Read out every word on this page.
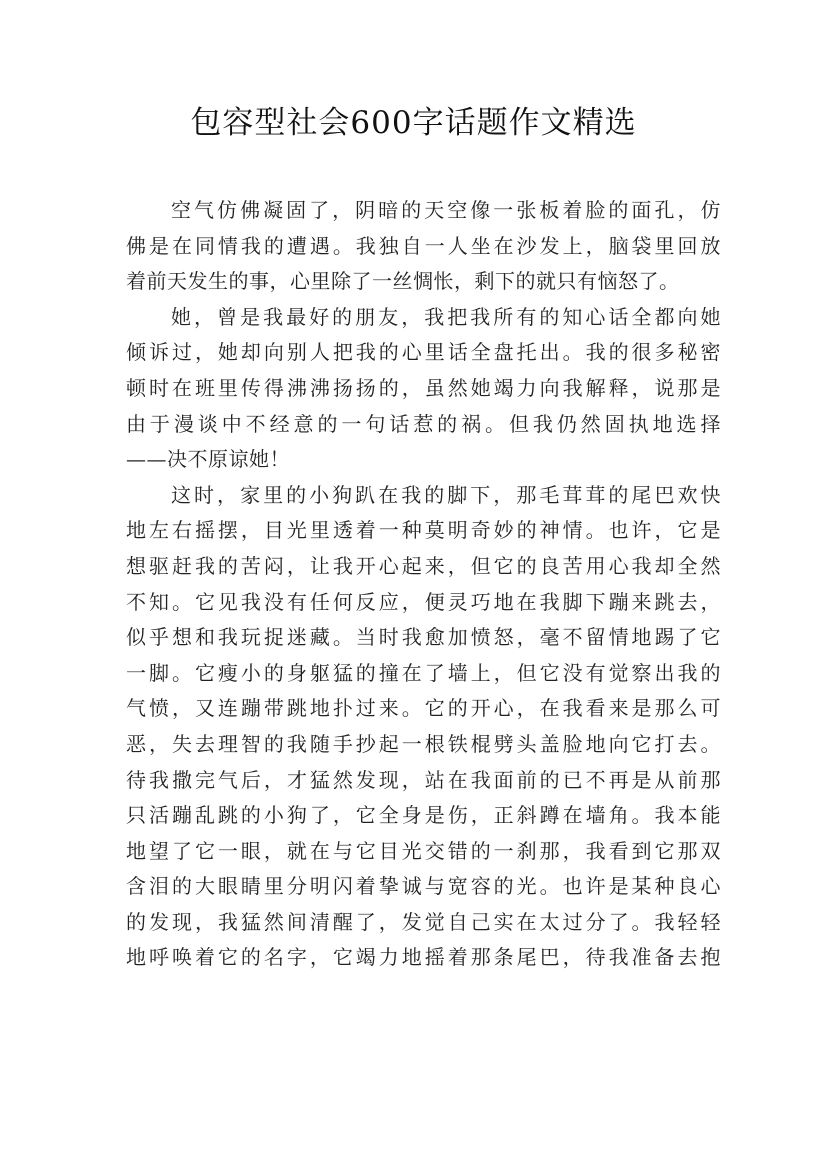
包容型社会600字话题作文精选
空气仿佛凝固了，阴暗的天空像一张板着脸的面孔，仿
佛是在同情我的遭遇。我独自一人坐在沙发上，脑袋里回放
着前天发生的事，心里除了一丝惆怅，剩下的就只有恼怒了。
她，曾是我最好的朋友，我把我所有的知心话全都向她
倾诉过，她却向别人把我的心里话全盘托出。我的很多秘密
顿时在班里传得沸沸扬扬的，虽然她竭力向我解释，说那是
由于漫谈中不经意的一句话惹的祸。但我仍然固执地选择
——决不原谅她！
这时，家里的小狗趴在我的脚下，那毛茸茸的尾巴欢快
地左右摇摆，目光里透着一种莫明奇妙的神情。也许，它是
想驱赶我的苦闷，让我开心起来，但它的良苦用心我却全然
不知。它见我没有任何反应，便灵巧地在我脚下蹦来跳去，
似乎想和我玩捉迷藏。当时我愈加愤怒，毫不留情地踢了它
一脚。它瘦小的身躯猛的撞在了墙上，但它没有觉察出我的
气愤，又连蹦带跳地扑过来。它的开心，在我看来是那么可
恶，失去理智的我随手抄起一根铁棍劈头盖脸地向它打去。
待我撒完气后，才猛然发现，站在我面前的已不再是从前那
只活蹦乱跳的小狗了，它全身是伤，正斜蹲在墙角。我本能
地望了它一眼，就在与它目光交错的一刹那，我看到它那双
含泪的大眼睛里分明闪着挚诚与宽容的光。也许是某种良心
的发现，我猛然间清醒了，发觉自己实在太过分了。我轻轻
地呼唤着它的名字，它竭力地摇着那条尾巴，待我准备去抱
